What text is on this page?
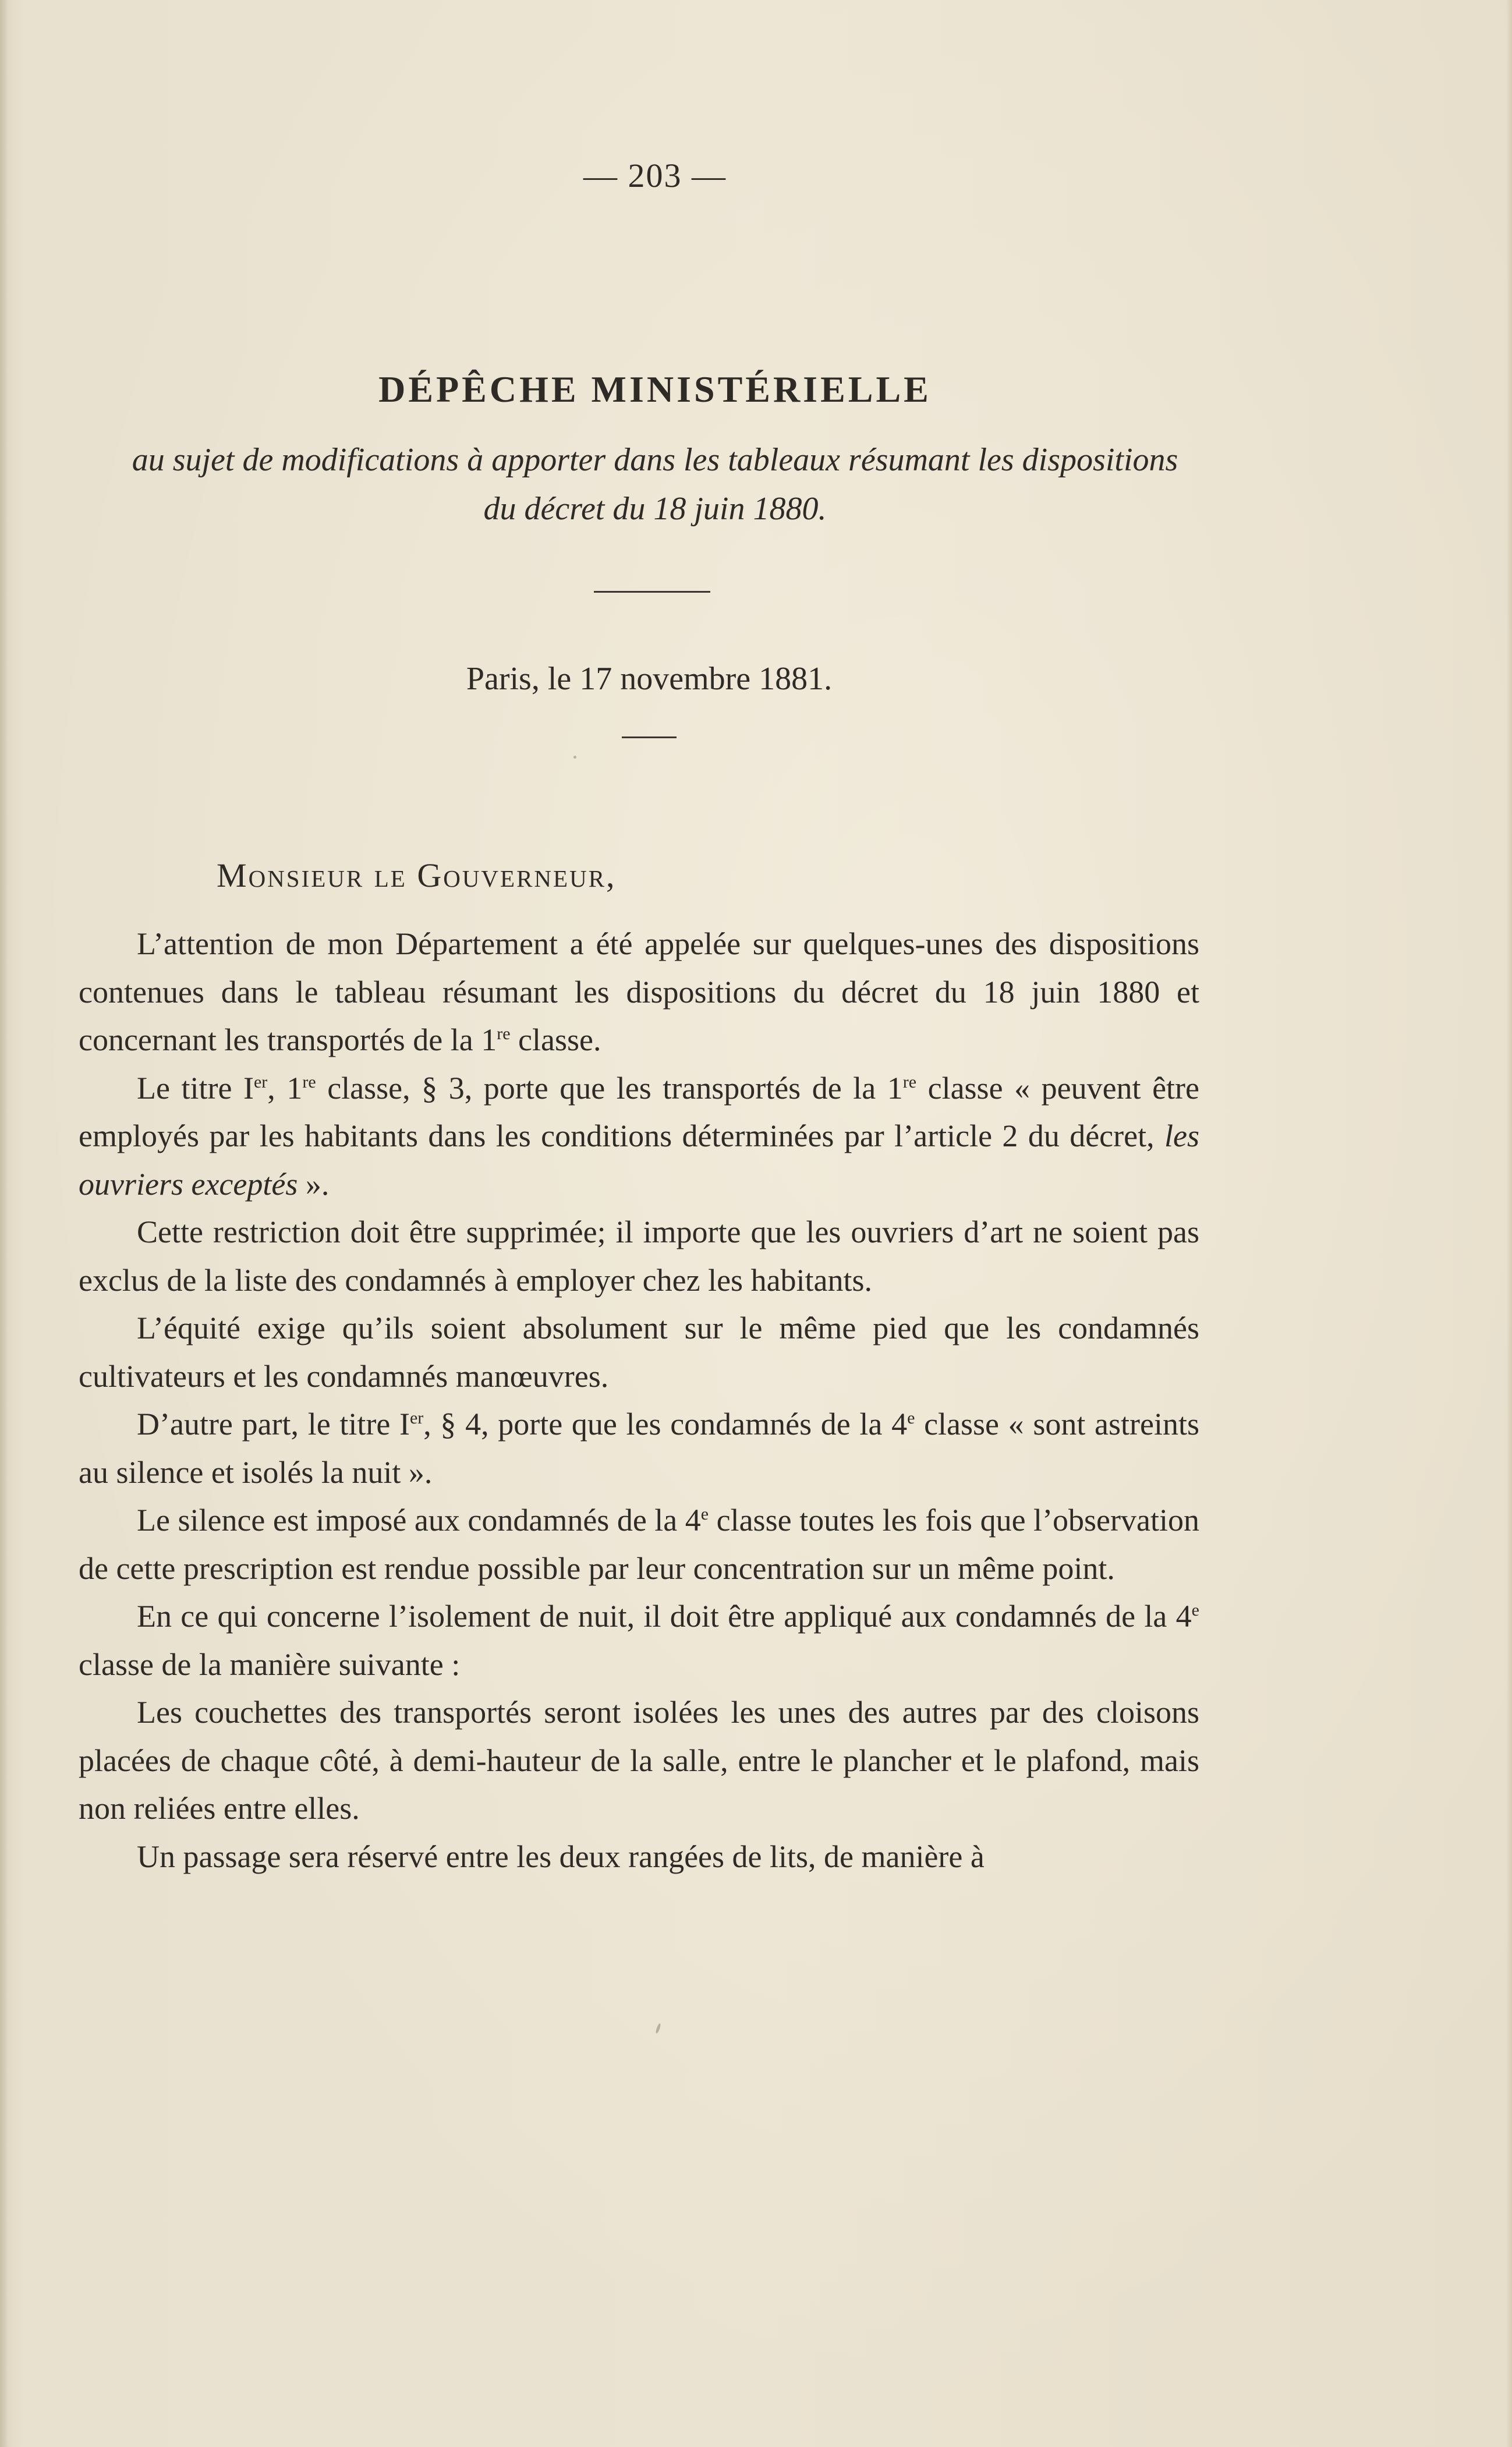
— 203 —
DÉPÊCHE MINISTÉRIELLE
au sujet de modifications à apporter dans les tableaux résumant les dispositions
du décret du 18 juin 1880.
Paris, le 17 novembre 1881.
Monsieur le Gouverneur,

L’attention de mon Département a été appelée sur quelques-unes des dispositions contenues dans le tableau résumant les dispositions du décret du 18 juin 1880 et concernant les transportés de la 1re classe.

Le titre Ier, 1re classe, § 3, porte que les transportés de la 1re classe « peuvent être employés par les habitants dans les conditions déterminées par l’article 2 du décret, les ouvriers exceptés ».

Cette restriction doit être supprimée; il importe que les ouvriers d’art ne soient pas exclus de la liste des condamnés à employer chez les habitants.

L’équité exige qu’ils soient absolument sur le même pied que les condamnés cultivateurs et les condamnés manœuvres.

D’autre part, le titre Ier, § 4, porte que les condamnés de la 4e classe « sont astreints au silence et isolés la nuit ».

Le silence est imposé aux condamnés de la 4e classe toutes les fois que l’observation de cette prescription est rendue possible par leur concentration sur un même point.

En ce qui concerne l’isolement de nuit, il doit être appliqué aux condamnés de la 4e classe de la manière suivante :

Les couchettes des transportés seront isolées les unes des autres par des cloisons placées de chaque côté, à demi-hauteur de la salle, entre le plancher et le plafond, mais non reliées entre elles.

Un passage sera réservé entre les deux rangées de lits, de manière à
